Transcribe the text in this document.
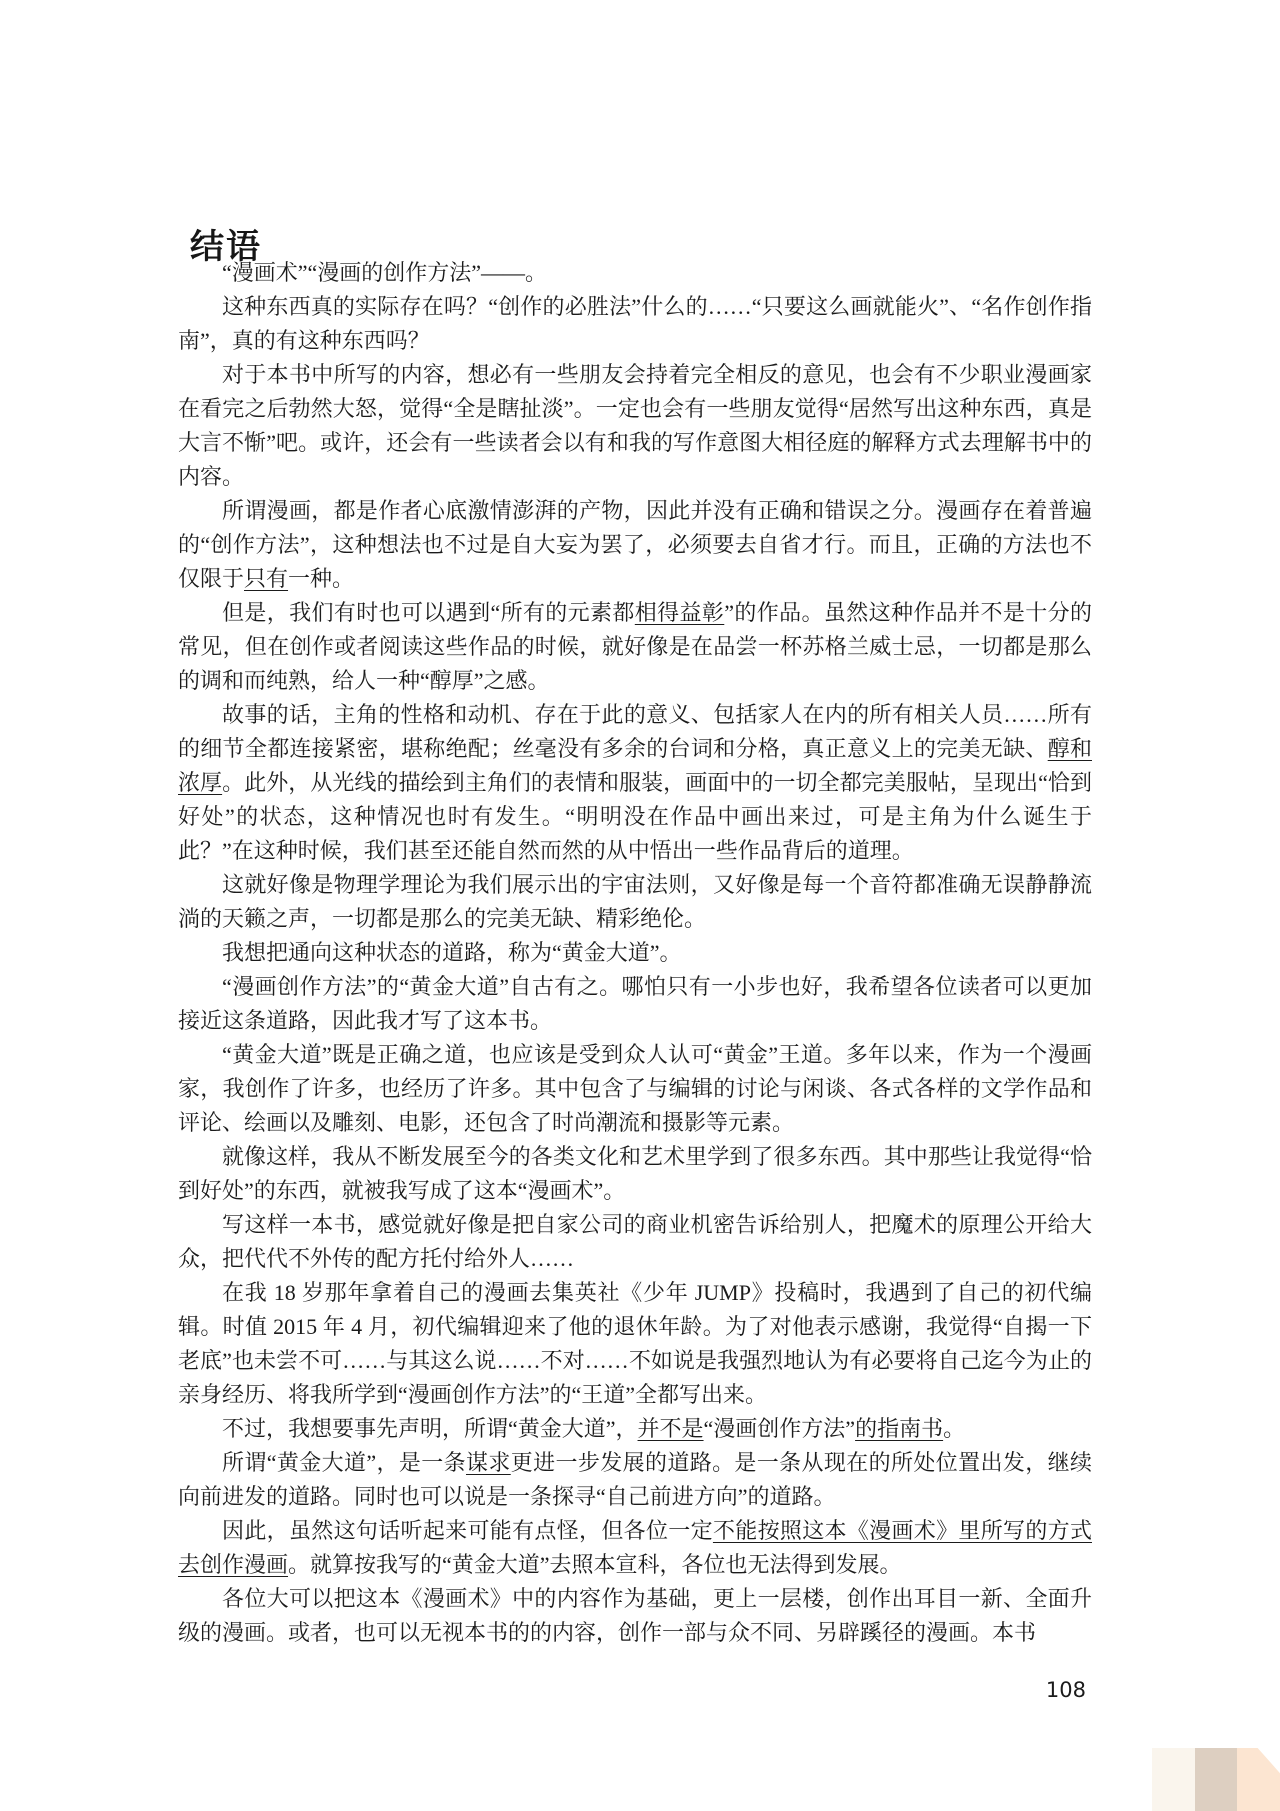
结语

“漫画术”“漫画的创作方法”——。

这种东西真的实际存在吗？“创作的必胜法”什么的……“只要这么画就能火”、“名作创作指南”，真的有这种东西吗？

对于本书中所写的内容，想必有一些朋友会持着完全相反的意见，也会有不少职业漫画家在看完之后勃然大怒，觉得“全是瞎扯淡”。一定也会有一些朋友觉得“居然写出这种东西，真是大言不惭”吧。或许，还会有一些读者会以有和我的写作意图大相径庭的解释方式去理解书中的内容。

所谓漫画，都是作者心底激情澎湃的产物，因此并没有正确和错误之分。漫画存在着普遍的“创作方法”，这种想法也不过是自大妄为罢了，必须要去自省才行。而且，正确的方法也不仅限于只有一种。

但是，我们有时也可以遇到“所有的元素都相得益彰”的作品。虽然这种作品并不是十分的常见，但在创作或者阅读这些作品的时候，就好像是在品尝一杯苏格兰威士忌，一切都是那么的调和而纯熟，给人一种“醇厚”之感。

故事的话，主角的性格和动机、存在于此的意义、包括家人在内的所有相关人员……所有的细节全都连接紧密，堪称绝配；丝毫没有多余的台词和分格，真正意义上的完美无缺、醇和浓厚。此外，从光线的描绘到主角们的表情和服装，画面中的一切全都完美服帖，呈现出“恰到好处”的状态，这种情况也时有发生。“明明没在作品中画出来过，可是主角为什么诞生于此？”在这种时候，我们甚至还能自然而然的从中悟出一些作品背后的道理。

这就好像是物理学理论为我们展示出的宇宙法则，又好像是每一个音符都准确无误静静流淌的天籁之声，一切都是那么的完美无缺、精彩绝伦。

我想把通向这种状态的道路，称为“黄金大道”。

“漫画创作方法”的“黄金大道”自古有之。哪怕只有一小步也好，我希望各位读者可以更加接近这条道路，因此我才写了这本书。

“黄金大道”既是正确之道，也应该是受到众人认可“黄金”王道。多年以来，作为一个漫画家，我创作了许多，也经历了许多。其中包含了与编辑的讨论与闲谈、各式各样的文学作品和评论、绘画以及雕刻、电影，还包含了时尚潮流和摄影等元素。

就像这样，我从不断发展至今的各类文化和艺术里学到了很多东西。其中那些让我觉得“恰到好处”的东西，就被我写成了这本“漫画术”。

写这样一本书，感觉就好像是把自家公司的商业机密告诉给别人，把魔术的原理公开给大众，把代代不外传的配方托付给外人……

在我 18 岁那年拿着自己的漫画去集英社《少年 JUMP》投稿时，我遇到了自己的初代编辑。时值 2015 年 4 月，初代编辑迎来了他的退休年龄。为了对他表示感谢，我觉得“自揭一下老底”也未尝不可……与其这么说……不对……不如说是我强烈地认为有必要将自己迄今为止的亲身经历、将我所学到“漫画创作方法”的“王道”全都写出来。

不过，我想要事先声明，所谓“黄金大道”，并不是“漫画创作方法”的指南书。

所谓“黄金大道”，是一条谋求更进一步发展的道路。是一条从现在的所处位置出发，继续向前进发的道路。同时也可以说是一条探寻“自己前进方向”的道路。

因此，虽然这句话听起来可能有点怪，但各位一定不能按照这本《漫画术》里所写的方式去创作漫画。就算按我写的“黄金大道”去照本宣科，各位也无法得到发展。

各位大可以把这本《漫画术》中的内容作为基础，更上一层楼，创作出耳目一新、全面升级的漫画。或者，也可以无视本书的的内容，创作一部与众不同、另辟蹊径的漫画。本书

108
